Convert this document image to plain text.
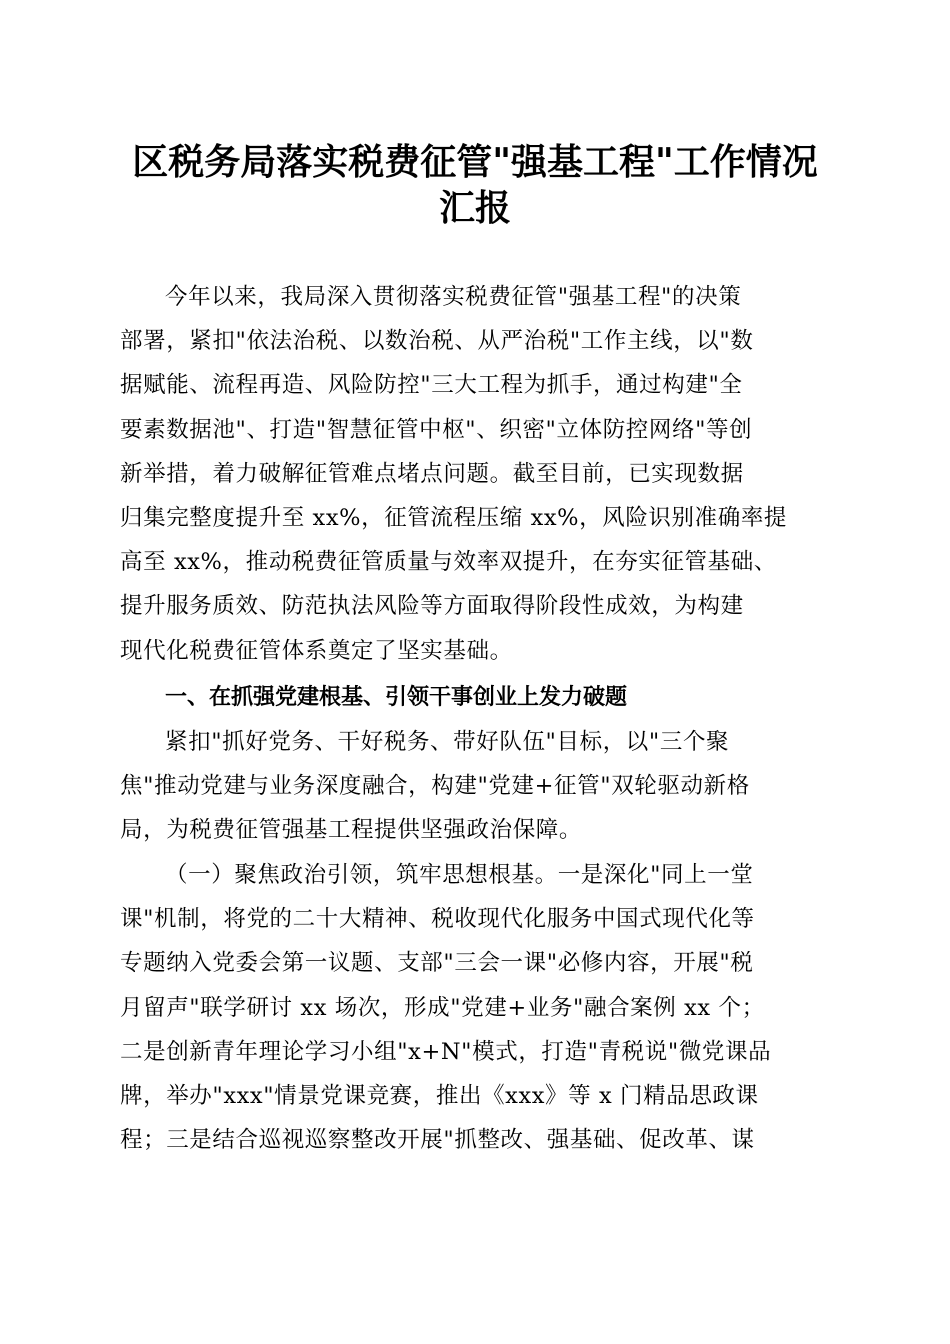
区税务局落实税费征管"强基工程"工作情况
汇报
今年以来，我局深入贯彻落实税费征管"强基工程"的决策
部署，紧扣"依法治税、以数治税、从严治税"工作主线，以"数
据赋能、流程再造、风险防控"三大工程为抓手，通过构建"全
要素数据池"、打造"智慧征管中枢"、织密"立体防控网络"等创
新举措，着力破解征管难点堵点问题。截至目前，已实现数据
归集完整度提升至 xx%，征管流程压缩 xx%，风险识别准确率提
高至 xx%，推动税费征管质量与效率双提升，在夯实征管基础、
提升服务质效、防范执法风险等方面取得阶段性成效，为构建
现代化税费征管体系奠定了坚实基础。
一、在抓强党建根基、引领干事创业上发力破题
紧扣"抓好党务、干好税务、带好队伍"目标，以"三个聚
焦"推动党建与业务深度融合，构建"党建+征管"双轮驱动新格
局，为税费征管强基工程提供坚强政治保障。
（一）聚焦政治引领，筑牢思想根基。一是深化"同上一堂
课"机制，将党的二十大精神、税收现代化服务中国式现代化等
专题纳入党委会第一议题、支部"三会一课"必修内容，开展"税
月留声"联学研讨 xx 场次，形成"党建+业务"融合案例 xx 个；
二是创新青年理论学习小组"x+N"模式，打造"青税说"微党课品
牌，举办"xxx"情景党课竞赛，推出《xxx》等 x 门精品思政课
程；三是结合巡视巡察整改开展"抓整改、强基础、促改革、谋
